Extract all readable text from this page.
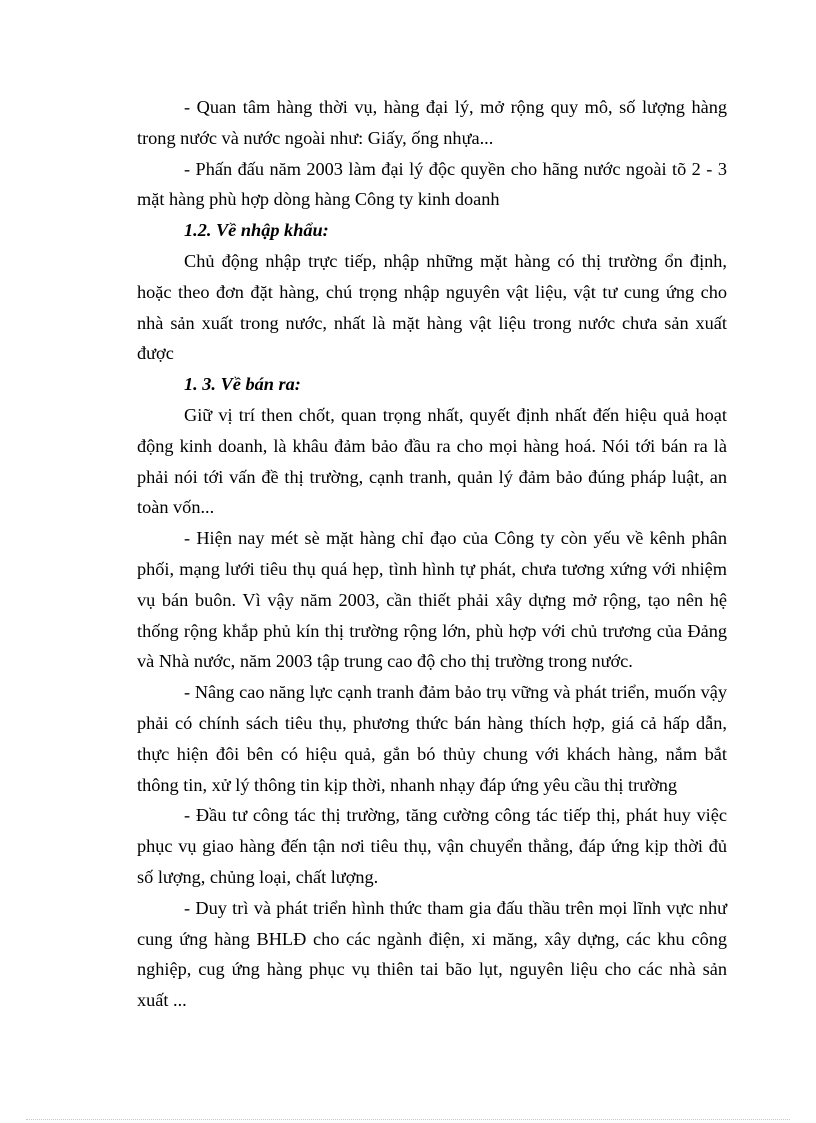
- Quan tâm hàng thời vụ, hàng đại lý, mở rộng quy mô, số lượng hàng trong nước và nước ngoài như: Giấy, ống nhựa...

- Phấn đấu năm 2003 làm đại lý độc quyền cho hãng nước ngoài tõ 2 - 3 mặt hàng phù hợp dòng hàng Công ty kinh doanh

1.2. Về nhập khẩu:

Chủ động nhập trực tiếp, nhập những mặt hàng có thị trường ổn định, hoặc theo đơn đặt hàng, chú trọng nhập nguyên vật liệu, vật tư cung ứng cho nhà sản xuất trong nước, nhất là mặt hàng vật liệu trong nước chưa sản xuất được

1. 3. Về bán ra:

Giữ vị trí then chốt, quan trọng nhất, quyết định nhất đến hiệu quả hoạt động kinh doanh, là khâu đảm bảo đầu ra cho mọi hàng hoá. Nói tới bán ra là phải nói tới vấn đề thị trường, cạnh tranh, quản lý đảm bảo đúng pháp luật, an toàn vốn...

- Hiện nay mét sè mặt hàng chỉ đạo của Công ty còn yếu về kênh phân phối, mạng lưới tiêu thụ quá hẹp, tình hình tự phát, chưa tương xứng với nhiệm vụ bán buôn. Vì vậy năm 2003, cần thiết phải xây dựng mở rộng, tạo nên hệ thống rộng khắp phủ kín thị trường rộng lớn, phù hợp với chủ trương của Đảng và Nhà nước, năm 2003 tập trung cao độ cho thị trường trong nước.

- Nâng cao năng lực cạnh tranh đảm bảo trụ vững và phát triển, muốn vậy phải có chính sách tiêu thụ, phương thức bán hàng thích hợp, giá cả hấp dẫn, thực hiện đôi bên có hiệu quả, gắn bó thủy chung với khách hàng, nắm bắt thông tin, xử lý thông tin kịp thời, nhanh nhạy đáp ứng yêu cầu thị trường

- Đầu tư công tác thị trường, tăng cường công tác tiếp thị, phát huy việc phục vụ giao hàng đến tận nơi tiêu thụ, vận chuyển thẳng, đáp ứng kịp thời đủ số lượng, chủng loại, chất lượng.

- Duy trì và phát triển hình thức tham gia đấu thầu trên mọi lĩnh vực như cung ứng hàng BHLĐ cho các ngành điện, xi măng, xây dựng, các khu công nghiệp, cug ứng hàng phục vụ thiên tai bão lụt, nguyên liệu cho các nhà sản xuất ...
